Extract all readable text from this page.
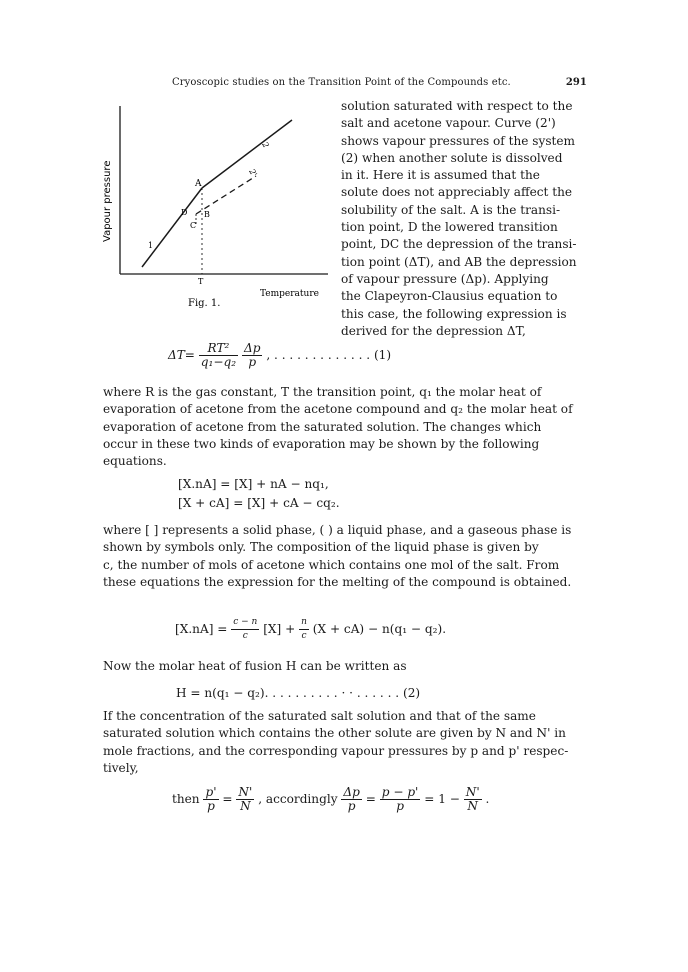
Cryoscopic studies on the Transition Point of the Compounds etc.	291
A
B
C
D
T
1
2
2'
Vapour pressure
Temperature
Fig. 1.
solution saturated with respect to the
salt and acetone vapour. Curve (2')
shows vapour pressures of the system
(2) when another solute is dissolved
in it. Here it is assumed that the
solute does not appreciably affect the
solubility of the salt. A is the transi-
tion point, D the lowered transition
point, DC the depression of the transi-
tion point (ΔT), and AB the depression
of vapour pressure (Δp). Applying
the Clapeyron-Clausius equation to
this case, the following expression is
derived for the depression ΔT,
$\Delta T= \frac{\text{RT²}}{\text{q₁−q₂}}$
$\frac{\Delta p}{p}$ , . . . . . . . . . . . . . (1)
where R is the gas constant, T the transition point, q₁ the molar heat of
evaporation of acetone from the acetone compound and q₂ the molar heat of
evaporation of acetone from the saturated solution. The changes which
occur in these two kinds of evaporation may be shown by the following
equations.
[X.nA] = [X] + nA − nq₁,
[X + cA] = [X] + cA − cq₂.
where [ ] represents a solid phase, ( ) a liquid phase, and a gaseous phase is
shown by symbols only. The composition of the liquid phase is given by
c, the number of mols of acetone which contains one mol of the salt. From
these equations the expression for the melting of the compound is obtained.
$[X.nA] = \frac{c - n}{c} [X] + \frac{n}{c} (X + cA) - n(q_1 - q_2)$.
Now the molar heat of fusion H can be written as
H = n(q₁ − q₂). . . . . . . . . . · · . . . . . . (2)
If the concentration of the saturated salt solution and that of the same
saturated solution which contains the other solute are given by N and N' in
mole fractions, and the corresponding vapour pressures by p and p' respec-
tively,
then $\frac{p'}{p} = \frac{N'}{N}$ , accordingly $\frac{\Delta p}{p} = \frac{p - p'}{p} = 1 - \frac{N'}{N}$ .
